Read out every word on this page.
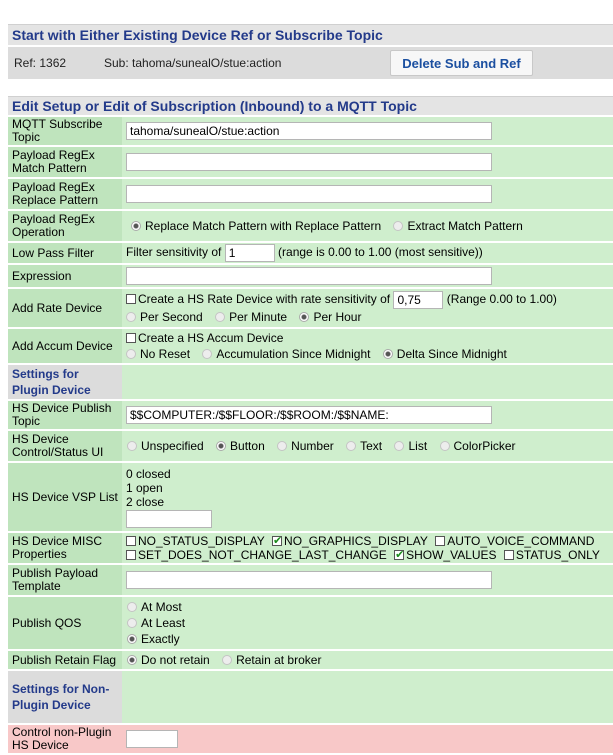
Start with Either Existing Device Ref or Subscribe Topic
Ref: 1362	Sub: tahoma/sunealO/stue:action	Delete Sub and Ref
Edit Setup or Edit of Subscription (Inbound) to a MQTT Topic
MQTT Subscribe Topic	tahoma/sunealO/stue:action
Payload RegEx Match Pattern	
Payload RegEx Replace Pattern	
Payload RegEx Operation	Replace Match Pattern with Replace Pattern Extract Match Pattern
Low Pass Filter	Filter sensitivity of 1 (range is 0.00 to 1.00 (most sensitive))
Expression	
Add Rate Device	Create a HS Rate Device with rate sensitivity of 0,75 (Range 0.00 to 1.00)
Per Second Per Minute Per Hour

Add Accum Device	Create a HS Accum Device
No Reset Accumulation Since Midnight Delta Since Midnight

Settings for Plugin Device	
HS Device Publish Topic	$$COMPUTER:/$$FLOOR:/$$ROOM:/$$NAME:
HS Device Control/Status UI	Unspecified Button Number Text List ColorPicker
HS Device VSP List	0 closed
1 open
2 close

HS Device MISC Properties	NO_STATUS_DISPLAY ✔ NO_GRAPHICS_DISPLAY AUTO_VOICE_COMMAND
SET_DOES_NOT_CHANGE_LAST_CHANGE ✔ SHOW_VALUES STATUS_ONLY

Publish Payload Template	
Publish QOS	At Most
At Least
Exactly

Publish Retain Flag	Do not retain Retain at broker
Settings for Non-Plugin Device	
Control non-Plugin HS Device	
